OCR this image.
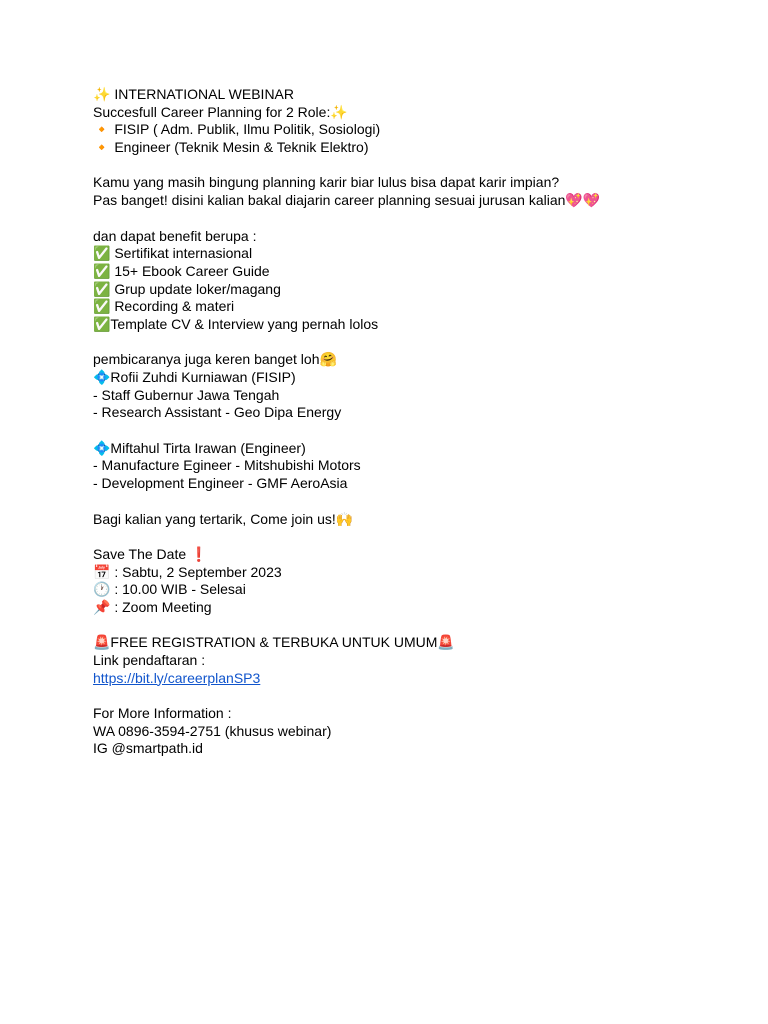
✨ INTERNATIONAL WEBINAR
Succesfull Career Planning for 2 Role:✨
🔸 FISIP ( Adm. Publik, Ilmu Politik, Sosiologi)
🔸 Engineer (Teknik Mesin & Teknik Elektro)
Kamu yang masih bingung planning karir biar lulus bisa dapat karir impian?
Pas banget! disini kalian bakal diajarin career planning sesuai jurusan kalian💖💖
dan dapat benefit berupa :
✅ Sertifikat internasional
✅ 15+ Ebook Career Guide
✅ Grup update loker/magang
✅ Recording & materi
✅Template CV & Interview yang pernah lolos
pembicaranya juga keren banget loh🤗
💠Rofii Zuhdi Kurniawan (FISIP)
- Staff Gubernur Jawa Tengah
- Research Assistant - Geo Dipa Energy
💠Miftahul Tirta Irawan (Engineer)
- Manufacture Egineer - Mitshubishi Motors
- Development Engineer - GMF AeroAsia
Bagi kalian yang tertarik, Come join us!🙌
Save The Date ❗
📅 : Sabtu, 2 September 2023
🕐 : 10.00 WIB - Selesai
📌 : Zoom Meeting
🚨FREE REGISTRATION & TERBUKA UNTUK UMUM🚨
Link pendaftaran :
https://bit.ly/careerplanSP3
For More Information :
WA 0896-3594-2751 (khusus webinar)
IG @smartpath.id
